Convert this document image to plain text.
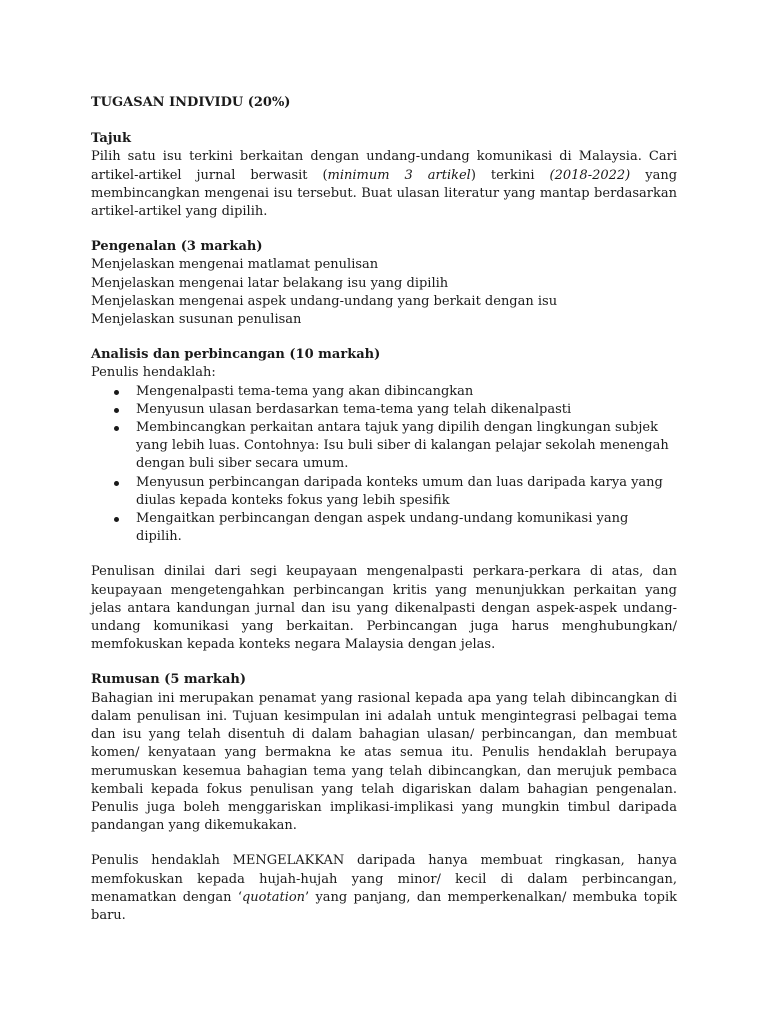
TUGASAN INDIVIDU (20%)

Tajuk

Pilih satu isu terkini berkaitan dengan undang-undang komunikasi di Malaysia. Cari artikel-artikel jurnal berwasit (minimum 3 artikel) terkini (2018-2022) yang membincangkan mengenai isu tersebut. Buat ulasan literatur yang mantap berdasarkan artikel-artikel yang dipilih.

Pengenalan (3 markah)

Menjelaskan mengenai matlamat penulisan

Menjelaskan mengenai latar belakang isu yang dipilih

Menjelaskan mengenai aspek undang-undang yang berkait dengan isu

Menjelaskan susunan penulisan

Analisis dan perbincangan (10 markah)

Penulis hendaklah:

Mengenalpasti tema-tema yang akan dibincangkan
Menyusun ulasan berdasarkan tema-tema yang telah dikenalpasti
Membincangkan perkaitan antara tajuk yang dipilih dengan lingkungan subjek yang lebih luas. Contohnya: Isu buli siber di kalangan pelajar sekolah menengah dengan buli siber secara umum.
Menyusun perbincangan daripada konteks umum dan luas daripada karya yang diulas kepada konteks fokus yang lebih spesifik
Mengaitkan perbincangan dengan aspek undang-undang komunikasi yang dipilih.

Penulisan dinilai dari segi keupayaan mengenalpasti perkara-perkara di atas, dan keupayaan mengetengahkan perbincangan kritis yang menunjukkan perkaitan yang jelas antara kandungan jurnal dan isu yang dikenalpasti dengan aspek-aspek undang-undang komunikasi yang berkaitan. Perbincangan juga harus menghubungkan/ memfokuskan kepada konteks negara Malaysia dengan jelas.

Rumusan (5 markah)

Bahagian ini merupakan penamat yang rasional kepada apa yang telah dibincangkan di dalam penulisan ini. Tujuan kesimpulan ini adalah untuk mengintegrasi pelbagai tema dan isu yang telah disentuh di dalam bahagian ulasan/ perbincangan, dan membuat komen/ kenyataan yang bermakna ke atas semua itu. Penulis hendaklah berupaya merumuskan kesemua bahagian tema yang telah dibincangkan, dan merujuk pembaca kembali kepada fokus penulisan yang telah digariskan dalam bahagian pengenalan. Penulis juga boleh menggariskan implikasi-implikasi yang mungkin timbul daripada pandangan yang dikemukakan.

Penulis hendaklah MENGELAKKAN daripada hanya membuat ringkasan, hanya memfokuskan kepada hujah-hujah yang minor/ kecil di dalam perbincangan, menamatkan dengan ‘quotation’ yang panjang, dan memperkenalkan/ membuka topik baru.
